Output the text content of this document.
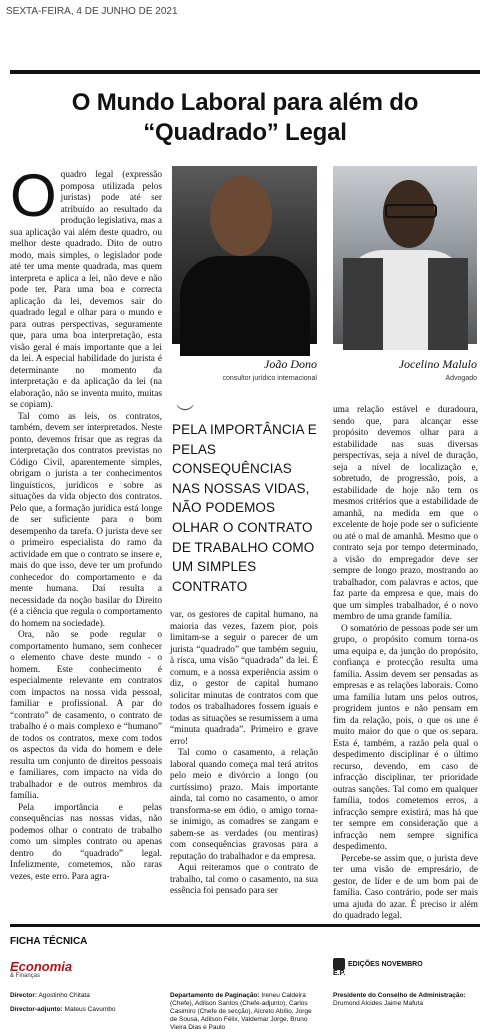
SEXTA-FEIRA, 4 DE JUNHO DE 2021
O Mundo Laboral para além do “Quadrado” Legal
O quadro legal (expressão pomposa utilizada pelos juristas) pode até ser atribuído ao resultado da produção legislativa, mas a sua aplicação vai além deste quadro, ou melhor deste quadrado. Dito de outro modo, mais simples, o legislador pode até ter uma mente quadrada, mas quem interpreta e aplica a lei, não deve e não pode ter. Para uma boa e correcta aplicação da lei, devemos sair do quadrado legal e olhar para o mundo e para outras perspectivas, seguramente que, para uma boa interpretação, esta visão geral é mais importante que a lei da lei. A especial habilidade do jurista é determinante no momento da interpretação e da aplicação da lei (na elaboração, não se inventa muito, muitas se copiam).

Tal como as leis, os contratos, também, devem ser interpretados. Neste ponto, devemos frisar que as regras da interpretação dos contratos previstas no Código Civil, aparentemente simples, obrigam o jurista a ter conhecimentos linguísticos, jurídicos e sobre as situações da vida objecto dos contratos. Pelo que, a formação jurídica está longe de ser suficiente para o bom desempenho da tarefa. O jurista deve ser o primeiro especialista do ramo da actividade em que o contrato se insere e, mais do que isso, deve ter um profundo conhecedor do comportamento e da mente humana. Daí resulta a necessidade da noção basilar do Direito (é a ciência que regula o comportamento do homem na sociedade).

Ora, não se pode regular o comportamento humano, sem conhecer o elemento chave deste mundo - o homem. Este conhecimento é especialmente relevante em contratos com impactos na nossa vida pessoal, familiar e profissional. A par do “contrato” de casamento, o contrato de trabalho é o mais complexo e “humano” de todos os contratos, mexe com todos os aspectos da vida do homem e dele resulta um conjunto de direitos pessoais e familiares, com impacto na vida do trabalhador e de outros membros da família.

Pela importância e pelas consequências nas nossas vidas, não podemos olhar o contrato de trabalho como um simples contrato ou apenas dentro do “quadrado” legal. Infelizmente, cometemos, não raras vezes, este erro. Para agra-

João Dono
consultor jurídico internacional
Jocelino Malulo
Advogado
︶
PELA IMPORTÂNCIA E PELAS CONSEQUÊNCIAS NAS NOSSAS VIDAS, NÃO PODEMOS OLHAR O CONTRATO DE TRABALHO COMO UM SIMPLES CONTRATO

var, os gestores de capital humano, na maioria das vezes, fazem pior, pois limitam-se a seguir o parecer de um jurista “quadrado” que também seguiu, à risca, uma visão “quadrada” da lei. É comum, e a nossa experiência assim o diz, o gestor de capital humano solicitar minutas de contratos com que todos os trabalhadores fossem iguais e todas as situações se resumissem a uma “minuta quadrada”. Primeiro e grave erro!

Tal como o casamento, a relação laboral quando começa mal terá atritos pelo meio e divórcio a longo (ou curtíssimo) prazo. Mais importante ainda, tal como no casamento, o amor transforma-se em ódio, o amigo torna-se inimigo, as comadres se zangam e sabem-se as verdades (ou mentiras) com consequências gravosas para a reputação do trabalhador e da empresa.

Aqui reiteramos que o contrato de trabalho, tal como o casamento, na sua essência foi pensado para ser

uma relação estável e duradoura, sendo que, para alcançar esse propósito devemos olhar para a estabilidade nas suas diversas perspectivas, seja a nível de duração, seja a nível de localização e, sobretudo, de progressão, pois, a estabilidade de hoje não tem os mesmos critérios que a estabilidade de amanhã, na medida em que o excelente de hoje pode ser o suficiente ou até o mal de amanhã. Mesmo que o contrato seja por tempo determinado, a visão do empregador deve ser sempre de longo prazo, mostrando ao trabalhador, com palavras e actos, que faz parte da empresa e que, mais do que um simples trabalhador, é o novo membro de uma grande família.

O somatório de pessoas pode ser um grupo, o propósito comum torna-os uma equipa e, da junção do propósito, confiança e protecção resulta uma família. Assim devem ser pensadas as empresas e as relações laborais. Como uma família lutam uns pelos outros, progridem juntos e não pensam em fim da relação, pois, o que os une é muito maior do que o que os separa. Esta é, também, a razão pela qual o despedimento disciplinar é o último recurso, devendo, em caso de infracção disciplinar, ter prioridade outras sanções. Tal como em qualquer família, todos cometemos erros, a infracção sempre existirá, mas há que ter sempre em consideração que a infracção nem sempre significa despedimento.

Percebe-se assim que, o jurista deve ter uma visão de empresário, de gestor, de líder e de um bom pai de família. Caso contrário, pode ser mais uma ajuda do azar. É preciso ir além do quadrado legal.

FICHA TÉCNICA
Economia
& Finanças
EDIÇÕES NOVEMBRO E.P.
Director: Agostinho Chitata
Director-adjunto: Mateus Cavumbo
Departamento de Paginação: Ireneu Caldeira (Chefe), Adilson Santos (Chefe-adjunto), Carlos Casimiro (Chefe de secção), Alcreto Abílio, Jorge de Sousa, Adilson Félix, Valdemar Jorge, Bruno Vieira Dias e Paulo
Presidente do Conselho de Administração:
Drumond Alcides Jaime Mafuta
